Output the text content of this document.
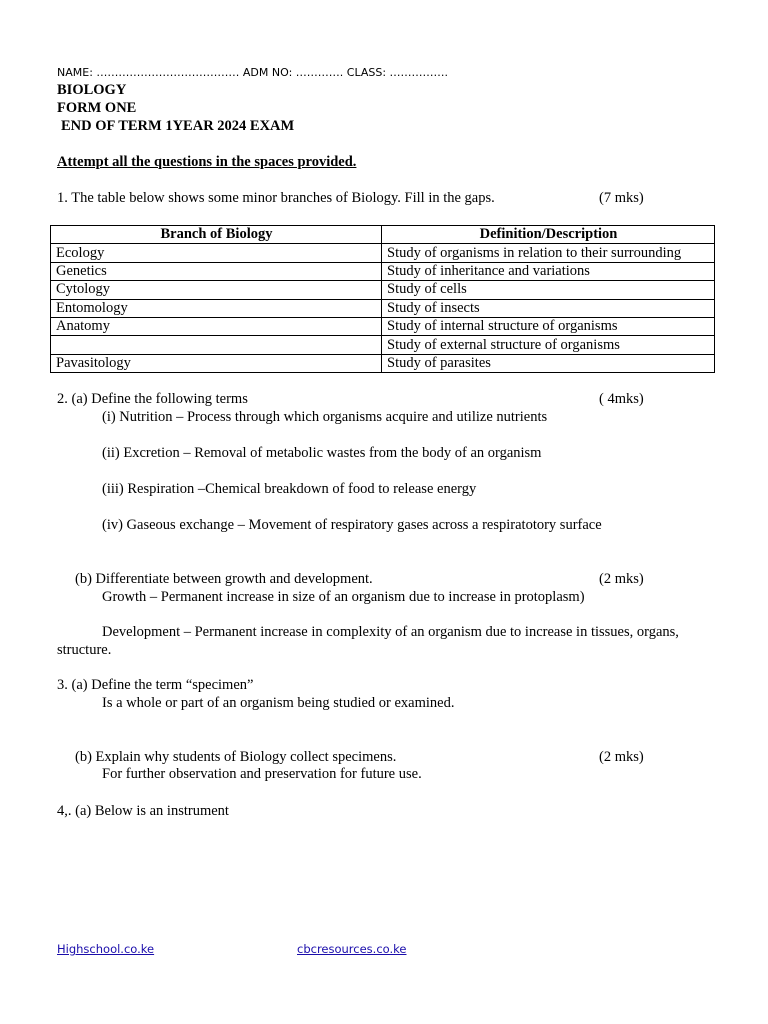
NAME: ………………………………… ADM NO: …………. CLASS: …………….
BIOLOGY
FORM ONE
END OF TERM 1YEAR 2024 EXAM
Attempt all the questions in the spaces provided.
1. The table below shows some minor branches of Biology. Fill in the gaps.	(7 mks)
Branch of Biology	Definition/Description
Ecology	Study of organisms in relation to their surrounding
Genetics	Study of inheritance and variations
Cytology	Study of cells
Entomology	Study of insects
Anatomy	Study of internal structure of organisms
	Study of external structure of organisms
Pavasitology	Study of parasites
2. (a) Define the following terms	( 4mks)
(i) Nutrition – Process through which organisms acquire and utilize nutrients
(ii) Excretion – Removal of metabolic wastes from the body of an organism
(iii) Respiration –Chemical breakdown of food to release energy
(iv) Gaseous exchange – Movement of respiratory gases across a respiratotory surface
(b) Differentiate between growth and development.	(2 mks)
Growth – Permanent increase in size of an organism due to increase in protoplasm)
Development – Permanent increase in complexity of an organism due to increase in tissues, organs,
structure.
3. (a) Define the term “specimen”
Is a whole or part of an organism being studied or examined.
(b) Explain why students of Biology collect specimens.	(2 mks)
For further observation and preservation for future use.
4,. (a) Below is an instrument
Highschool.co.ke	cbcresources.co.ke
